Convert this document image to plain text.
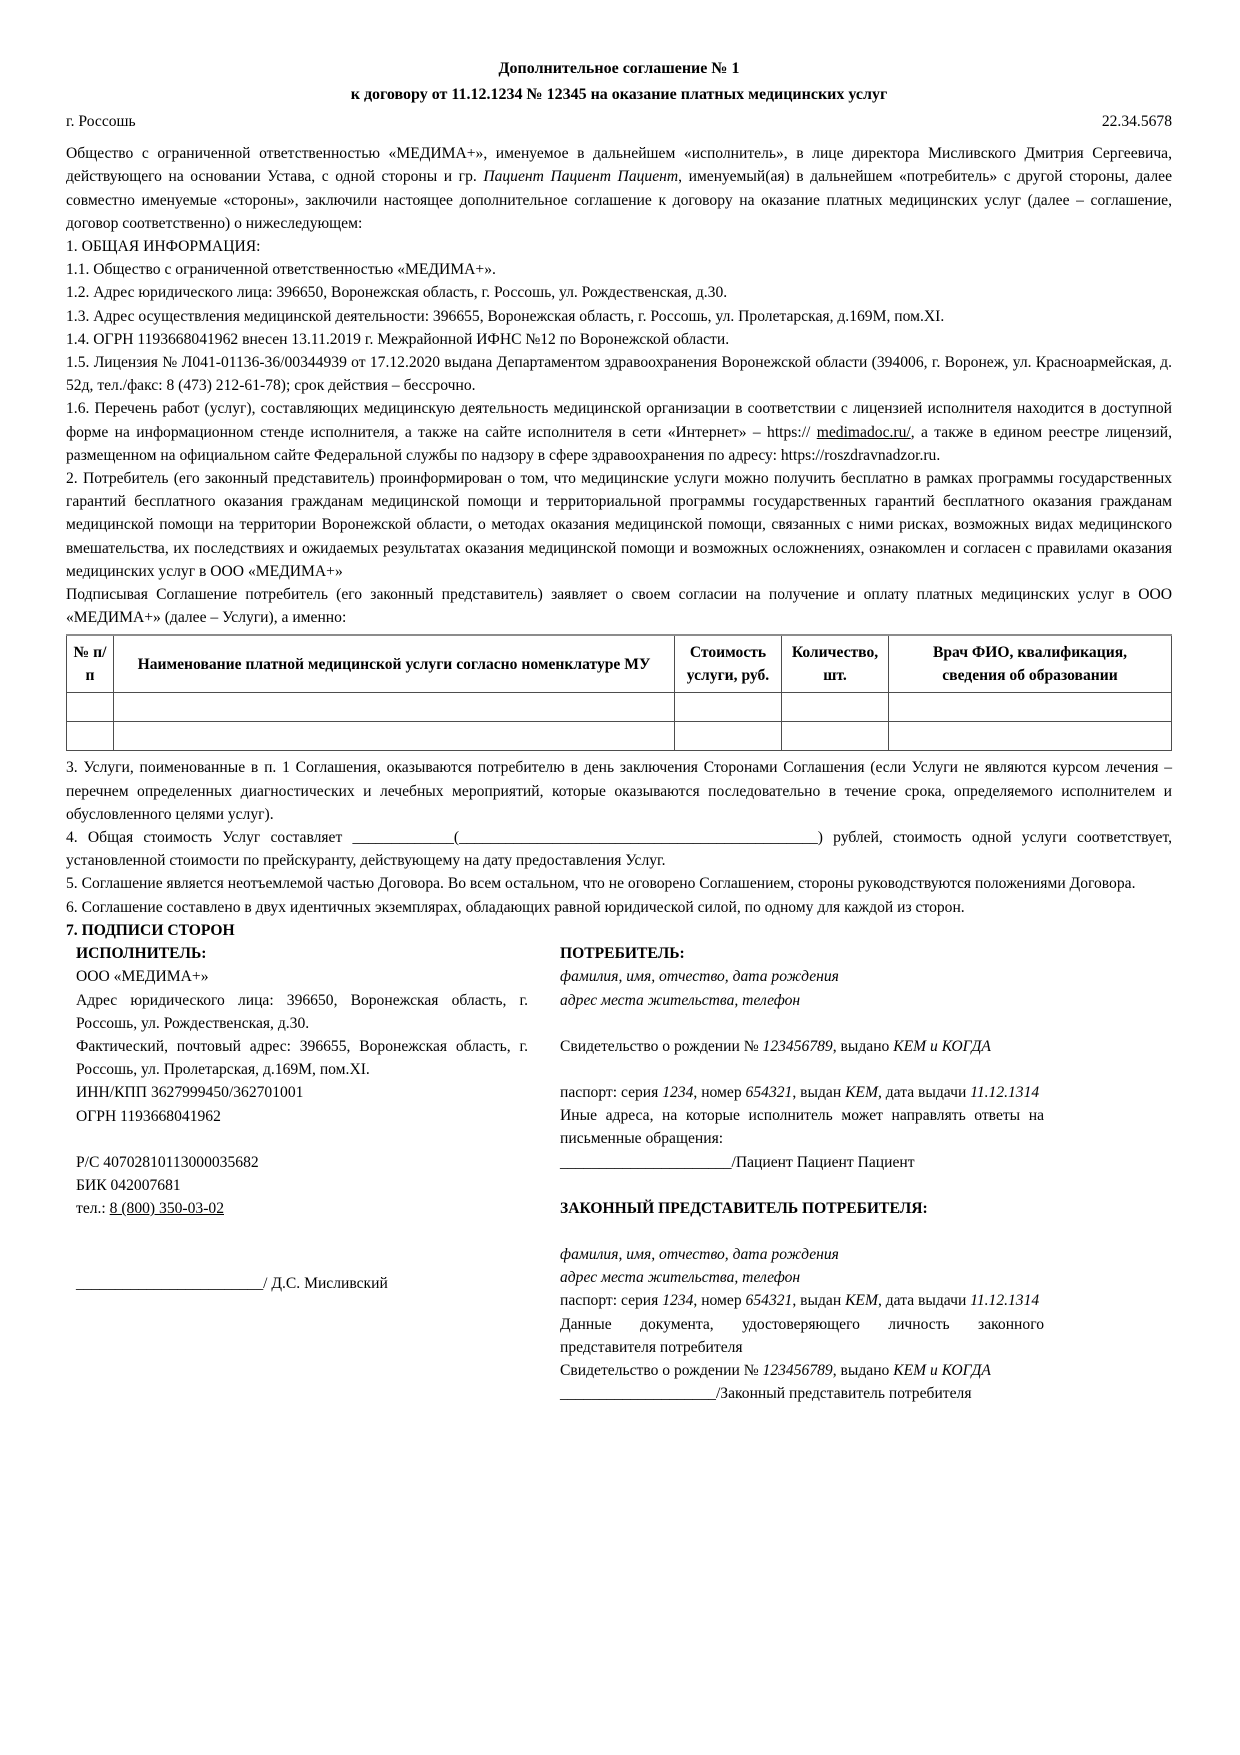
Дополнительное соглашение № 1
к договору от 11.12.1234 № 12345 на оказание платных медицинских услуг
г. Россошь	22.34.5678

Общество с ограниченной ответственностью «МЕДИМА+», именуемое в дальнейшем «исполнитель», в лице директора Мисливского Дмитрия Сергеевича, действующего на основании Устава, с одной стороны и гр. Пациент Пациент Пациент, именуемый(ая) в дальнейшем «потребитель» с другой стороны, далее совместно именуемые «стороны», заключили настоящее дополнительное соглашение к договору на оказание платных медицинских услуг (далее – соглашение, договор соответственно) о нижеследующем:

1. ОБЩАЯ ИНФОРМАЦИЯ:

1.1. Общество с ограниченной ответственностью «МЕДИМА+».

1.2. Адрес юридического лица: 396650, Воронежская область, г. Россошь, ул. Рождественская, д.30.

1.3. Адрес осуществления медицинской деятельности: 396655, Воронежская область, г. Россошь, ул. Пролетарская, д.169М, пом.XI.

1.4. ОГРН 1193668041962 внесен 13.11.2019 г. Межрайонной ИФНС №12 по Воронежской области.

1.5. Лицензия № Л041-01136-36/00344939 от 17.12.2020 выдана Департаментом здравоохранения Воронежской области (394006, г. Воронеж, ул. Красноармейская, д. 52д, тел./факс: 8 (473) 212-61-78); срок действия – бессрочно.

1.6. Перечень работ (услуг), составляющих медицинскую деятельность медицинской организации в соответствии с лицензией исполнителя находится в доступной форме на информационном стенде исполнителя, а также на сайте исполнителя в сети «Интернет» – https:// medimadoc.ru/, а также в едином реестре лицензий, размещенном на официальном сайте Федеральной службы по надзору в сфере здравоохранения по адресу: https://roszdravnadzor.ru.

2. Потребитель (его законный представитель) проинформирован о том, что медицинские услуги можно получить бесплатно в рамках программы государственных гарантий бесплатного оказания гражданам медицинской помощи и территориальной программы государственных гарантий бесплатного оказания гражданам медицинской помощи на территории Воронежской области, о методах оказания медицинской помощи, связанных с ними рисках, возможных видах медицинского вмешательства, их последствиях и ожидаемых результатах оказания медицинской помощи и возможных осложнениях, ознакомлен и согласен с правилами оказания медицинских услуг в ООО «МЕДИМА+»

Подписывая Соглашение потребитель (его законный представитель) заявляет о своем согласии на получение и оплату платных медицинских услуг в ООО «МЕДИМА+» (далее – Услуги), а именно:

№ п/п	Наименование платной медицинской услуги согласно номенклатуре МУ	Стоимость услуги, руб.	Количество, шт.	Врач ФИО, квалификация, сведения об образовании

3. Услуги, поименованные в п. 1 Соглашения, оказываются потребителю в день заключения Сторонами Соглашения (если Услуги не являются курсом лечения – перечнем определенных диагностических и лечебных мероприятий, которые оказываются последовательно в течение срока, определяемого исполнителем и обусловленного целями услуг).

4. Общая стоимость Услуг составляет _____________(______________________________________________) рублей, стоимость одной услуги соответствует, установленной стоимости по прейскуранту, действующему на дату предоставления Услуг.

5. Соглашение является неотъемлемой частью Договора. Во всем остальном, что не оговорено Соглашением, стороны руководствуются положениями Договора.

6. Соглашение составлено в двух идентичных экземплярах, обладающих равной юридической силой, по одному для каждой из сторон.

7. ПОДПИСИ СТОРОН

ИСПОЛНИТЕЛЬ:

ООО «МЕДИМА+»

Адрес юридического лица: 396650, Воронежская область, г. Россошь, ул. Рождественская, д.30.

Фактический, почтовый адрес: 396655, Воронежская область, г. Россошь, ул. Пролетарская, д.169М, пом.XI.

ИНН/КПП 3627999450/362701001

ОГРН 1193668041962

Р/С 40702810113000035682

БИК 042007681

тел.: 8 (800) 350-03-02

________________________/ Д.С. Мисливский

ПОТРЕБИТЕЛЬ:

фамилия, имя, отчество, дата рождения

адрес места жительства, телефон

Свидетельство о рождении № 123456789, выдано КЕМ и КОГДА

паспорт: серия 1234, номер 654321, выдан КЕМ, дата выдачи 11.12.1314

Иные адреса, на которые исполнитель может направлять ответы на письменные обращения:

______________________/Пациент Пациент Пациент

ЗАКОННЫЙ ПРЕДСТАВИТЕЛЬ ПОТРЕБИТЕЛЯ:

фамилия, имя, отчество, дата рождения

адрес места жительства, телефон

паспорт: серия 1234, номер 654321, выдан КЕМ, дата выдачи 11.12.1314

Данные документа, удостоверяющего личность законного представителя потребителя

Свидетельство о рождении № 123456789, выдано КЕМ и КОГДА

____________________/Законный представитель потребителя
